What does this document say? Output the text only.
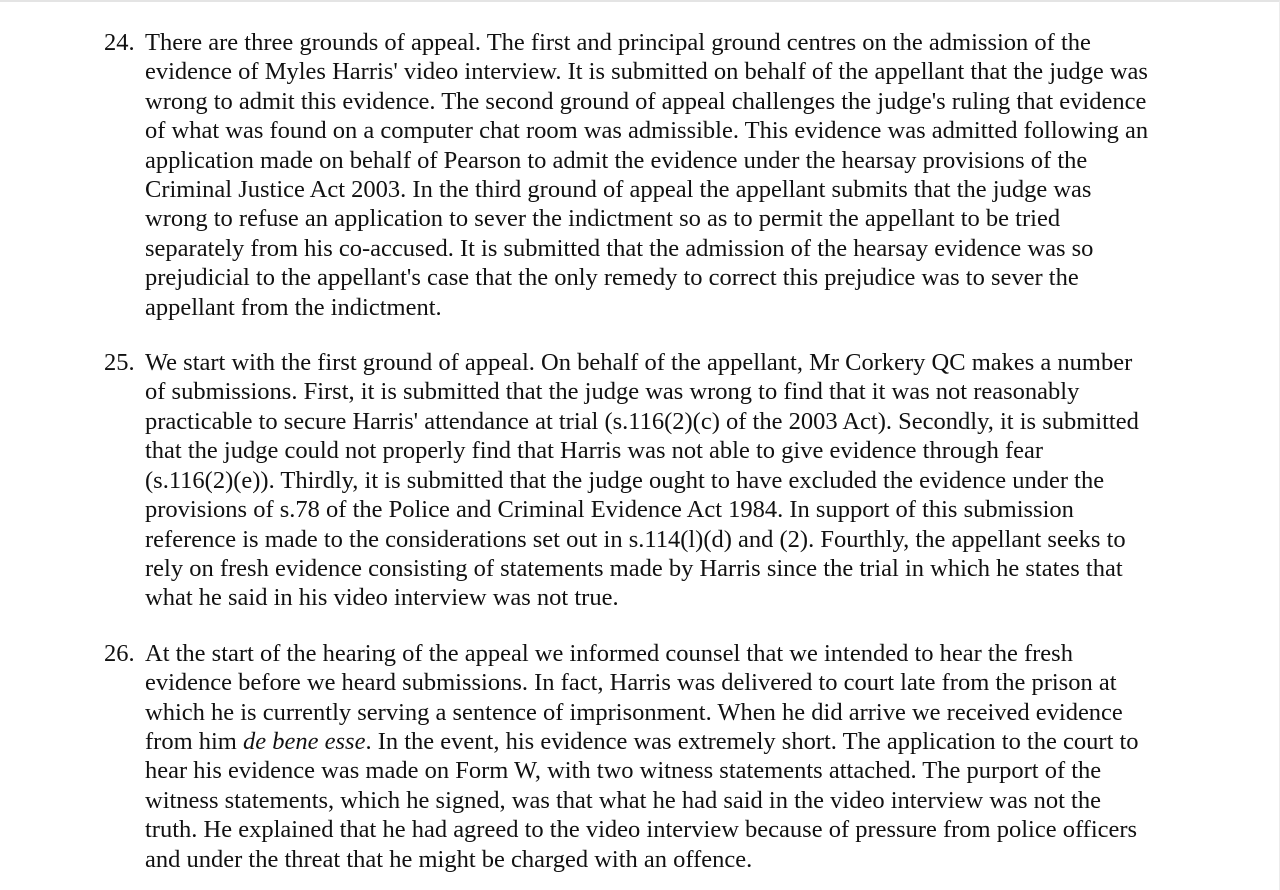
24. There are three grounds of appeal. The first and principal ground centres on the admission of the
evidence of Myles Harris' video interview. It is submitted on behalf of the appellant that the judge was
wrong to admit this evidence. The second ground of appeal challenges the judge's ruling that evidence
of what was found on a computer chat room was admissible. This evidence was admitted following an
application made on behalf of Pearson to admit the evidence under the hearsay provisions of the
Criminal Justice Act 2003. In the third ground of appeal the appellant submits that the judge was
wrong to refuse an application to sever the indictment so as to permit the appellant to be tried
separately from his co-accused. It is submitted that the admission of the hearsay evidence was so
prejudicial to the appellant's case that the only remedy to correct this prejudice was to sever the
appellant from the indictment.
25. We start with the first ground of appeal. On behalf of the appellant, Mr Corkery QC makes a number
of submissions. First, it is submitted that the judge was wrong to find that it was not reasonably
practicable to secure Harris' attendance at trial (s.116(2)(c) of the 2003 Act). Secondly, it is submitted
that the judge could not properly find that Harris was not able to give evidence through fear
(s.116(2)(e)). Thirdly, it is submitted that the judge ought to have excluded the evidence under the
provisions of s.78 of the Police and Criminal Evidence Act 1984. In support of this submission
reference is made to the considerations set out in s.114(l)(d) and (2). Fourthly, the appellant seeks to
rely on fresh evidence consisting of statements made by Harris since the trial in which he states that
what he said in his video interview was not true.
26. At the start of the hearing of the appeal we informed counsel that we intended to hear the fresh
evidence before we heard submissions. In fact, Harris was delivered to court late from the prison at
which he is currently serving a sentence of imprisonment. When he did arrive we received evidence
from him de bene esse. In the event, his evidence was extremely short. The application to the court to
hear his evidence was made on Form W, with two witness statements attached. The purport of the
witness statements, which he signed, was that what he had said in the video interview was not the
truth. He explained that he had agreed to the video interview because of pressure from police officers
and under the threat that he might be charged with an offence.
